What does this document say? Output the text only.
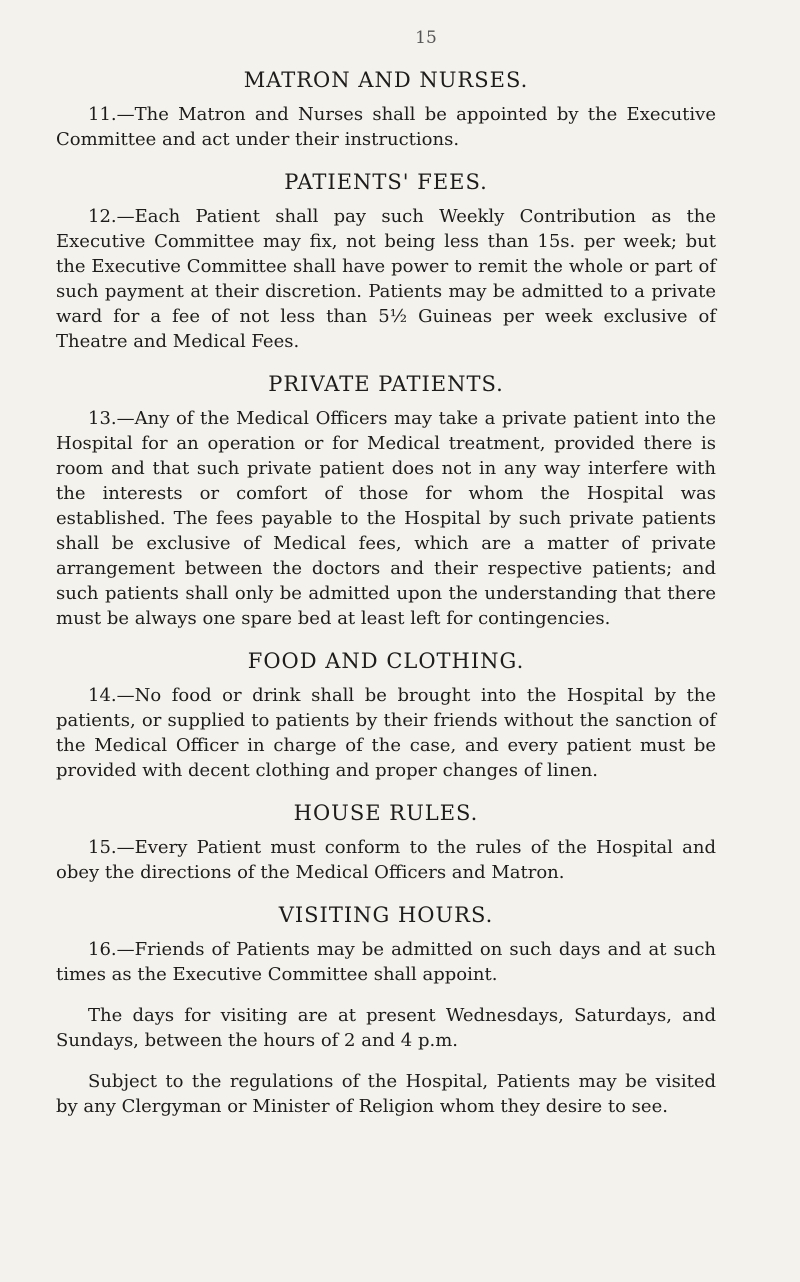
15
MATRON AND NURSES.

11.—The Matron and Nurses shall be appointed by the Executive Committee and act under their instructions.

PATIENTS' FEES.

12.—Each Patient shall pay such Weekly Contribution as the Executive Committee may fix, not being less than 15s. per week; but the Executive Committee shall have power to remit the whole or part of such payment at their discretion. Patients may be admitted to a private ward for a fee of not less than 5½ Guineas per week exclusive of Theatre and Medical Fees.

PRIVATE PATIENTS.

13.—Any of the Medical Officers may take a private patient into the Hospital for an operation or for Medical treatment, provided there is room and that such private patient does not in any way interfere with the interests or comfort of those for whom the Hospital was established. The fees payable to the Hospital by such private patients shall be exclusive of Medical fees, which are a matter of private arrangement between the doctors and their respective patients; and such patients shall only be admitted upon the understanding that there must be always one spare bed at least left for contingencies.

FOOD AND CLOTHING.

14.—No food or drink shall be brought into the Hospital by the patients, or supplied to patients by their friends without the sanction of the Medical Officer in charge of the case, and every patient must be provided with decent clothing and proper changes of linen.

HOUSE RULES.

15.—Every Patient must conform to the rules of the Hospital and obey the directions of the Medical Officers and Matron.

VISITING HOURS.

16.—Friends of Patients may be admitted on such days and at such times as the Executive Committee shall appoint.

The days for visiting are at present Wednesdays, Saturdays, and Sundays, between the hours of 2 and 4 p.m.

Subject to the regulations of the Hospital, Patients may be visited by any Clergyman or Minister of Religion whom they desire to see.
